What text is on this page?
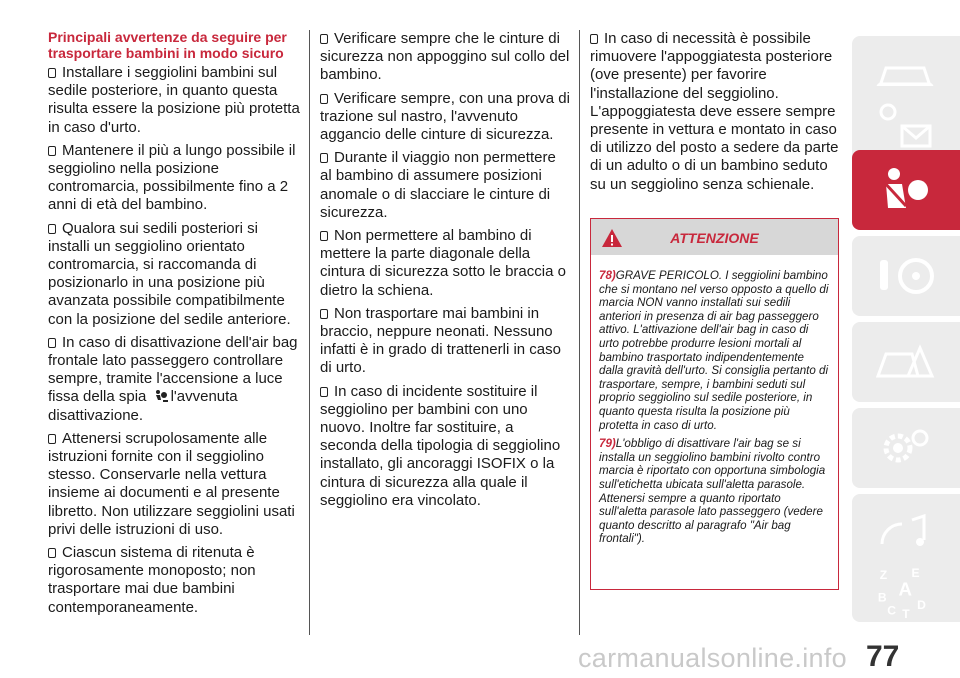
Principali avvertenze da seguire per trasportare bambini in modo sicuro
Installare i seggiolini bambini sul sedile posteriore, in quanto questa risulta essere la posizione più protetta in caso d'urto.
Mantenere il più a lungo possibile il seggiolino nella posizione contromarcia, possibilmente fino a 2 anni di età del bambino.
Qualora sui sedili posteriori si installi un seggiolino orientato contromarcia, si raccomanda di posizionarlo in una posizione più avanzata possibile compatibilmente con la posizione del sedile anteriore.
In caso di disattivazione dell'air bag frontale lato passeggero controllare sempre, tramite l'accensione a luce fissa della spia l'avvenuta disattivazione.
Attenersi scrupolosamente alle istruzioni fornite con il seggiolino stesso. Conservarle nella vettura insieme ai documenti e al presente libretto. Non utilizzare seggiolini usati privi delle istruzioni di uso.
Ciascun sistema di ritenuta è rigorosamente monoposto; non trasportare mai due bambini contemporaneamente.
Verificare sempre che le cinture di sicurezza non appoggino sul collo del bambino.
Verificare sempre, con una prova di trazione sul nastro, l'avvenuto aggancio delle cinture di sicurezza.
Durante il viaggio non permettere al bambino di assumere posizioni anomale o di slacciare le cinture di sicurezza.
Non permettere al bambino di mettere la parte diagonale della cintura di sicurezza sotto le braccia o dietro la schiena.
Non trasportare mai bambini in braccio, neppure neonati. Nessuno infatti è in grado di trattenerli in caso di urto.
In caso di incidente sostituire il seggiolino per bambini con uno nuovo. Inoltre far sostituire, a seconda della tipologia di seggiolino installato, gli ancoraggi ISOFIX o la cintura di sicurezza alla quale il seggiolino era vincolato.
In caso di necessità è possibile rimuovere l'appoggiatesta posteriore (ove presente) per favorire l'installazione del seggiolino. L'appoggiatesta deve essere sempre presente in vettura e montato in caso di utilizzo del posto a sedere da parte di un adulto o di un bambino seduto su un seggiolino senza schienale.
ATTENZIONE
78)GRAVE PERICOLO. I seggiolini bambino che si montano nel verso opposto a quello di marcia NON vanno installati sui sedili anteriori in presenza di air bag passeggero attivo. L'attivazione dell'air bag in caso di urto potrebbe produrre lesioni mortali al bambino trasportato indipendentemente dalla gravità dell'urto. Si consiglia pertanto di trasportare, sempre, i bambini seduti sul proprio seggiolino sul sedile posteriore, in quanto questa risulta la posizione più protetta in caso di urto.
79)L'obbligo di disattivare l'air bag se si installa un seggiolino bambini rivolto contro marcia è riportato con opportuna simbologia sull'etichetta ubicata sull'aletta parasole. Attenersi sempre a quanto riportato sull'aletta parasole lato passeggero (vedere quanto descritto al paragrafo "Air bag frontali").
Z E
B A
C T
D
carmanualsonline.info 77
